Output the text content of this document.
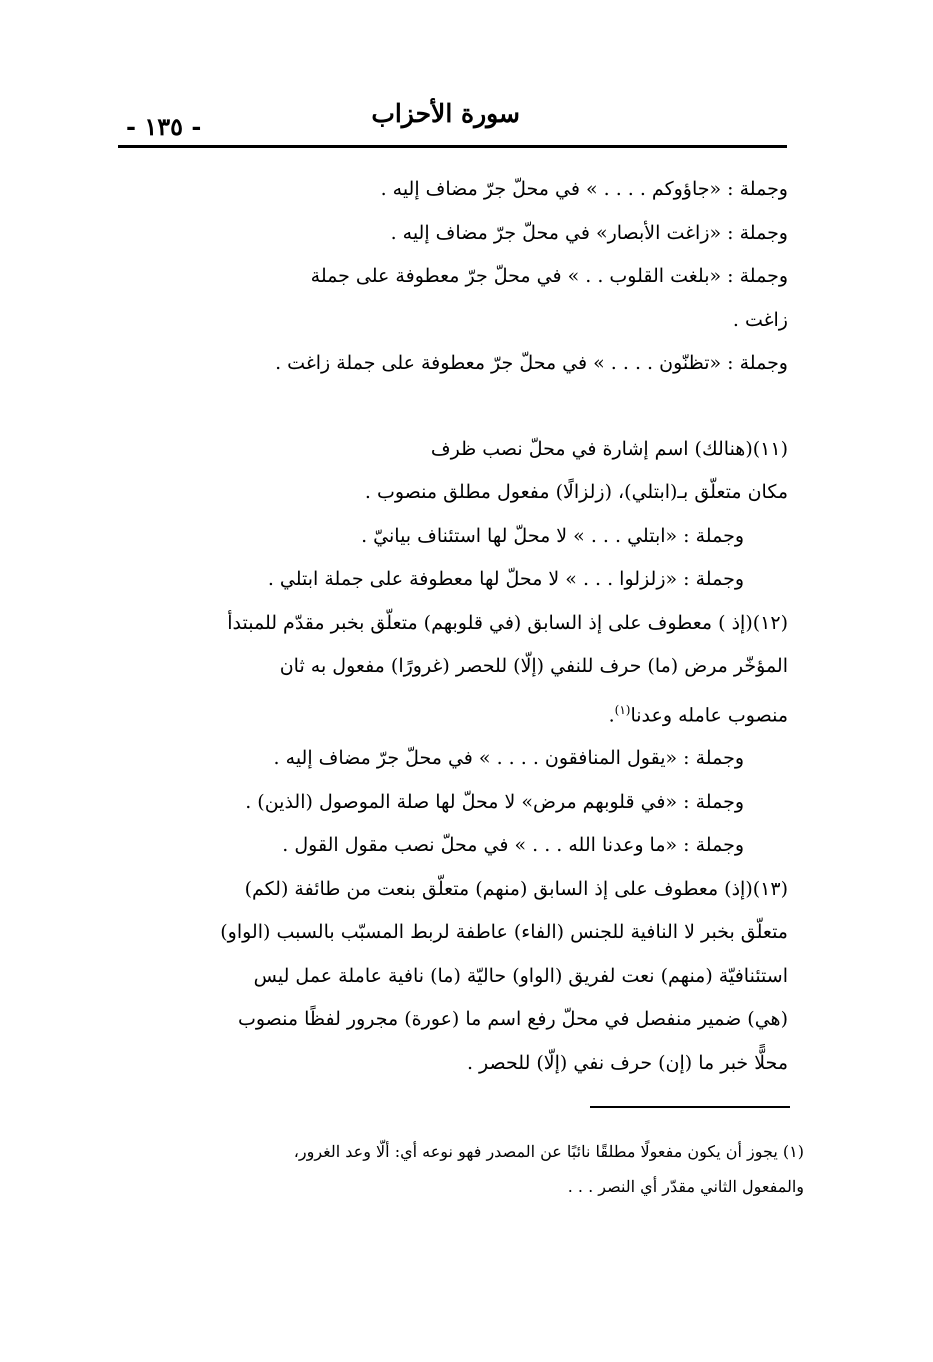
سورة الأحزاب
- ١٣٥ -
وجملة : «جاؤوكم . . . . » في محلّ جرّ مضاف إليه .
وجملة : «زاغت الأبصار» في محلّ جرّ مضاف إليه .
وجملة : «بلغت القلوب . . » في محلّ جرّ معطوفة على جملة
زاغت .
وجملة : «تظنّون . . . . » في محلّ جرّ معطوفة على جملة زاغت .
(١١)(هنالك) اسم إشارة في محلّ نصب ظرف
مكان متعلّق بـ(ابتلي)، (زلزالًا) مفعول مطلق منصوب .
وجملة : «ابتلي . . . » لا محلّ لها استئناف بيانيّ .
وجملة : «زلزلوا . . . » لا محلّ لها معطوفة على جملة ابتلي .
(١٢)(إذ ) معطوف على إذ السابق (في قلوبهم) متعلّق بخبر مقدّم للمبتدأ
المؤخّر مرض (ما) حرف للنفي (إلّا) للحصر (غرورًا) مفعول به ثان
منصوب عامله وعدنا$^{(١)}$.
وجملة : «يقول المنافقون . . . . » في محلّ جرّ مضاف إليه .
وجملة : «في قلوبهم مرض» لا محلّ لها صلة الموصول (الذين) .
وجملة : «ما وعدنا الله . . . » في محلّ نصب مقول القول .
(١٣)(إذ) معطوف على إذ السابق (منهم) متعلّق بنعت من طائفة (لكم)
متعلّق بخبر لا النافية للجنس (الفاء) عاطفة لربط المسبّب بالسبب (الواو)
استئنافيّة (منهم) نعت لفريق (الواو) حاليّة (ما) نافية عاملة عمل ليس
(هي) ضمير منفصل في محلّ رفع اسم ما (عورة) مجرور لفظًا منصوب
محلًّا خبر ما (إن) حرف نفي (إلّا) للحصر .

(١) يجوز أن يكون مفعولًا مطلقًا نائبًا عن المصدر فهو نوعه أي: ألّا وعد الغرور،

والمفعول الثاني مقدّر أي النصر . . .
